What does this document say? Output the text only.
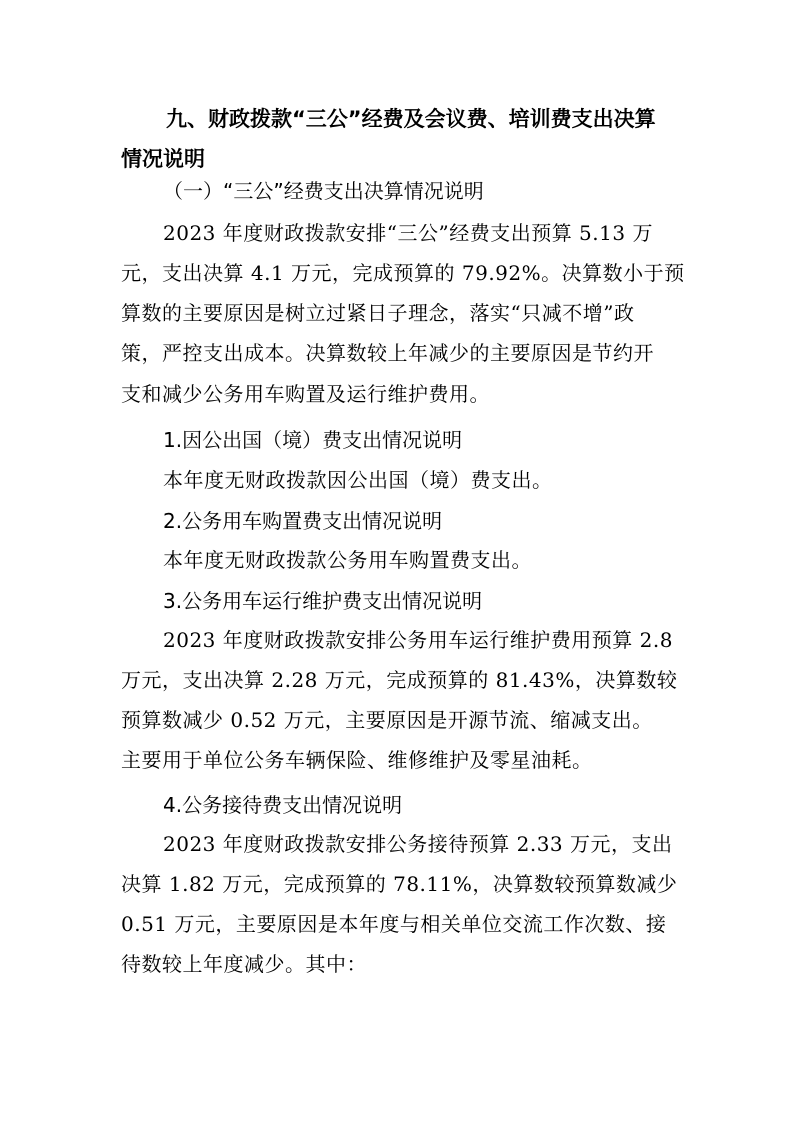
九、财政拨款“三公”经费及会议费、培训费支出决算
情况说明
（一）“三公”经费支出决算情况说明
2023 年度财政拨款安排“三公”经费支出预算 5.13 万
元，支出决算 4.1 万元，完成预算的 79.92%。决算数小于预
算数的主要原因是树立过紧日子理念，落实“只减不增”政
策，严控支出成本。决算数较上年减少的主要原因是节约开
支和减少公务用车购置及运行维护费用。
1.因公出国（境）费支出情况说明
本年度无财政拨款因公出国（境）费支出。
2.公务用车购置费支出情况说明
本年度无财政拨款公务用车购置费支出。
3.公务用车运行维护费支出情况说明
2023 年度财政拨款安排公务用车运行维护费用预算 2.8
万元，支出决算 2.28 万元，完成预算的 81.43%，决算数较
预算数减少 0.52 万元，主要原因是开源节流、缩减支出。
主要用于单位公务车辆保险、维修维护及零星油耗。
4.公务接待费支出情况说明
2023 年度财政拨款安排公务接待预算 2.33 万元，支出
决算 1.82 万元，完成预算的 78.11%，决算数较预算数减少
0.51 万元，主要原因是本年度与相关单位交流工作次数、接
待数较上年度减少。其中：
